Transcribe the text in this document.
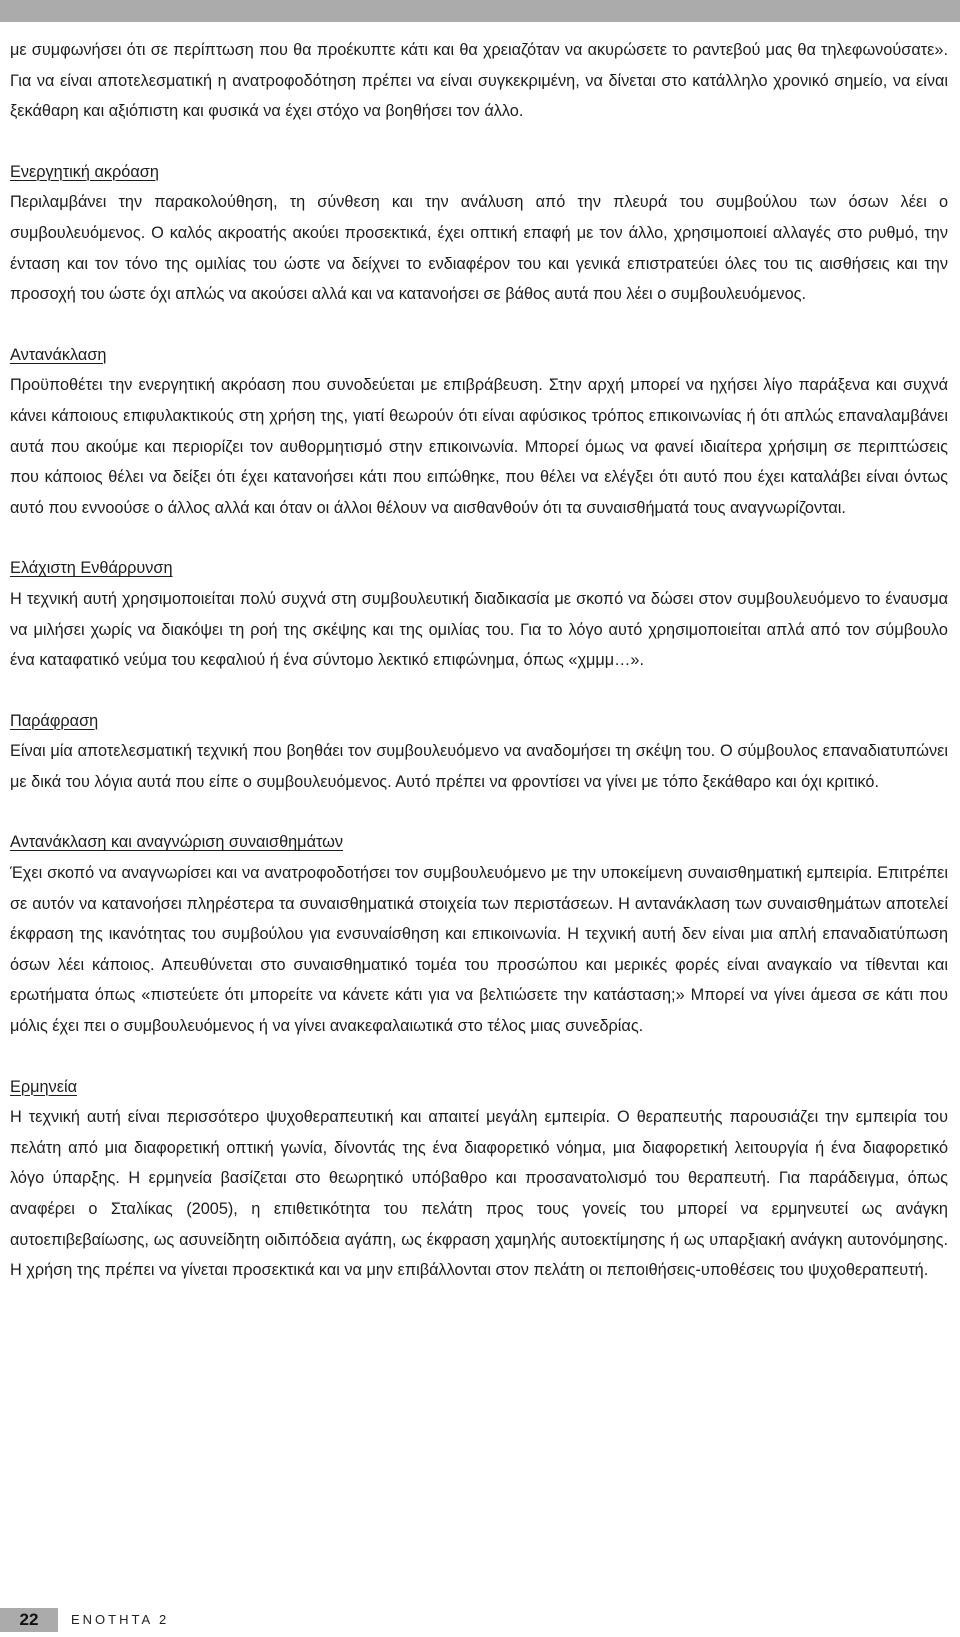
με συμφωνήσει ότι σε περίπτωση που θα προέκυπτε κάτι και θα χρειαζόταν να ακυρώσετε το ραντεβού μας θα τηλεφωνούσατε». Για να είναι αποτελεσματική η ανατροφοδότηση πρέπει να είναι συγκεκριμένη, να δίνεται στο κατάλληλο χρονικό σημείο, να είναι ξεκάθαρη και αξιόπιστη και φυσικά να έχει στόχο να βοηθήσει τον άλλο.

Ενεργητική ακρόαση

Περιλαμβάνει την παρακολούθηση, τη σύνθεση και την ανάλυση από την πλευρά του συμβούλου των όσων λέει ο συμβουλευόμενος. Ο καλός ακροατής ακούει προσεκτικά, έχει οπτική επαφή με τον άλλο, χρησιμοποιεί αλλαγές στο ρυθμό, την ένταση και τον τόνο της ομιλίας του ώστε να δείχνει το ενδιαφέρον του και γενικά επιστρατεύει όλες του τις αισθήσεις και την προσοχή του ώστε όχι απλώς να ακούσει αλλά και να κατανοήσει σε βάθος αυτά που λέει ο συμβουλευόμενος.

Αντανάκλαση

Προϋποθέτει την ενεργητική ακρόαση που συνοδεύεται με επιβράβευση. Στην αρχή μπορεί να ηχήσει λίγο παράξενα και συχνά κάνει κάποιους επιφυλακτικούς στη χρήση της, γιατί θεωρούν ότι είναι αφύσικος τρόπος επικοινωνίας ή ότι απλώς επαναλαμβάνει αυτά που ακούμε και περιορίζει τον αυθορμητισμό στην επικοινωνία. Μπορεί όμως να φανεί ιδιαίτερα χρήσιμη σε περιπτώσεις που κάποιος θέλει να δείξει ότι έχει κατανοήσει κάτι που ειπώθηκε, που θέλει να ελέγξει ότι αυτό που έχει καταλάβει είναι όντως αυτό που εννοούσε ο άλλος αλλά και όταν οι άλλοι θέλουν να αισθανθούν ότι τα συναισθήματά τους αναγνωρίζονται.

Ελάχιστη Ενθάρρυνση

Η τεχνική αυτή χρησιμοποιείται πολύ συχνά στη συμβουλευτική διαδικασία με σκοπό να δώσει στον συμβουλευόμενο το έναυσμα να μιλήσει χωρίς να διακόψει τη ροή της σκέψης και της ομιλίας του. Για το λόγο αυτό χρησιμοποιείται απλά από τον σύμβουλο ένα καταφατικό νεύμα του κεφαλιού ή ένα σύντομο λεκτικό επιφώνημα, όπως «χμμμ…».

Παράφραση

Είναι μία αποτελεσματική τεχνική που βοηθάει τον συμβουλευόμενο να αναδομήσει τη σκέψη του. Ο σύμβουλος επαναδιατυπώνει με δικά του λόγια αυτά που είπε ο συμβουλευόμενος. Αυτό πρέπει να φροντίσει να γίνει με τόπο ξεκάθαρο και όχι κριτικό.

Αντανάκλαση και αναγνώριση συναισθημάτων

Έχει σκοπό να αναγνωρίσει και να ανατροφοδοτήσει τον συμβουλευόμενο με την υποκείμενη συναισθηματική εμπειρία. Επιτρέπει σε αυτόν να κατανοήσει πληρέστερα τα συναισθηματικά στοιχεία των περιστάσεων. Η αντανάκλαση των συναισθημάτων αποτελεί έκφραση της ικανότητας του συμβούλου για ενσυναίσθηση και επικοινωνία. Η τεχνική αυτή δεν είναι μια απλή επαναδιατύπωση όσων λέει κάποιος. Απευθύνεται στο συναισθηματικό τομέα του προσώπου και μερικές φορές είναι αναγκαίο να τίθενται και ερωτήματα όπως «πιστεύετε ότι μπορείτε να κάνετε κάτι για να βελτιώσετε την κατάσταση;» Μπορεί να γίνει άμεσα σε κάτι που μόλις έχει πει ο συμβουλευόμενος ή να γίνει ανακεφαλαιωτικά στο τέλος μιας συνεδρίας.

Ερμηνεία

Η τεχνική αυτή είναι περισσότερο ψυχοθεραπευτική και απαιτεί μεγάλη εμπειρία. Ο θεραπευτής παρουσιάζει την εμπειρία του πελάτη από μια διαφορετική οπτική γωνία, δίνοντάς της ένα διαφορετικό νόημα, μια διαφορετική λειτουργία ή ένα διαφορετικό λόγο ύπαρξης. Η ερμηνεία βασίζεται στο θεωρητικό υπόβαθρο και προσανατολισμό του θεραπευτή. Για παράδειγμα, όπως αναφέρει ο Σταλίκας (2005), η επιθετικότητα του πελάτη προς τους γονείς του μπορεί να ερμηνευτεί ως ανάγκη αυτοεπιβεβαίωσης, ως ασυνείδητη οιδιπόδεια αγάπη, ως έκφραση χαμηλής αυτοεκτίμησης ή ως υπαρξιακή ανάγκη αυτονόμησης. Η χρήση της πρέπει να γίνεται προσεκτικά και να μην επιβάλλονται στον πελάτη οι πεποιθήσεις-υποθέσεις του ψυχοθεραπευτή.

22	ΕΝΟΤΗΤΑ 2
